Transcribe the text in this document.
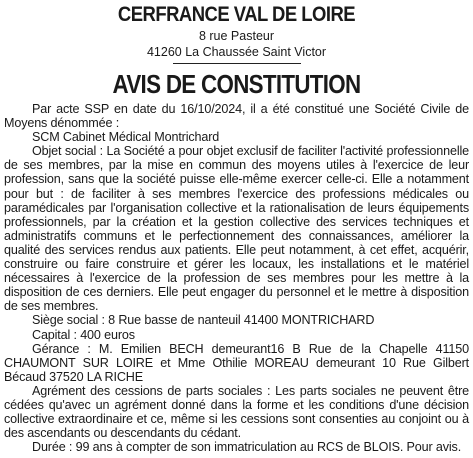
CERFRANCE VAL DE LOIRE
8 rue Pasteur
41260 La Chaussée Saint Victor
AVIS DE CONSTITUTION

Par acte SSP en date du 16/10/2024, il a été constitué une Société Civile de Moyens dénommée :

SCM Cabinet Médical Montrichard

Objet social : La Société a pour objet exclusif de faciliter l'activité professionnelle de ses membres, par la mise en commun des moyens utiles à l'exercice de leur profession, sans que la société puisse elle-même exercer celle-ci. Elle a notamment pour but : de faciliter à ses membres l'exercice des professions médicales ou paramédicales par l'organisation collective et la rationalisation de leurs équipements professionnels, par la création et la gestion collective des services techniques et administratifs communs et le perfectionnement des connaissances, améliorer la qualité des services rendus aux patients. Elle peut notamment, à cet effet, acquérir, construire ou faire construire et gérer les locaux, les installations et le matériel nécessaires à l'exercice de la profession de ses membres pour les mettre à la disposition de ces derniers. Elle peut engager du personnel et le mettre à disposition de ses membres.

Siège social : 8 Rue basse de nanteuil 41400 MONTRICHARD

Capital : 400 euros

Gérance : M. Emilien BECH demeurant16 B Rue de la Chapelle 41150 CHAUMONT SUR LOIRE et Mme Othilie MOREAU demeurant 10 Rue Gilbert Bécaud 37520 LA RICHE

Agrément des cessions de parts sociales : Les parts sociales ne peuvent être cédées qu'avec un agrément donné dans la forme et les conditions d'une décision collective extraordinaire et ce, même si les cessions sont consenties au conjoint ou à des ascendants ou descendants du cédant.

Durée : 99 ans à compter de son immatriculation au RCS de BLOIS. Pour avis.
